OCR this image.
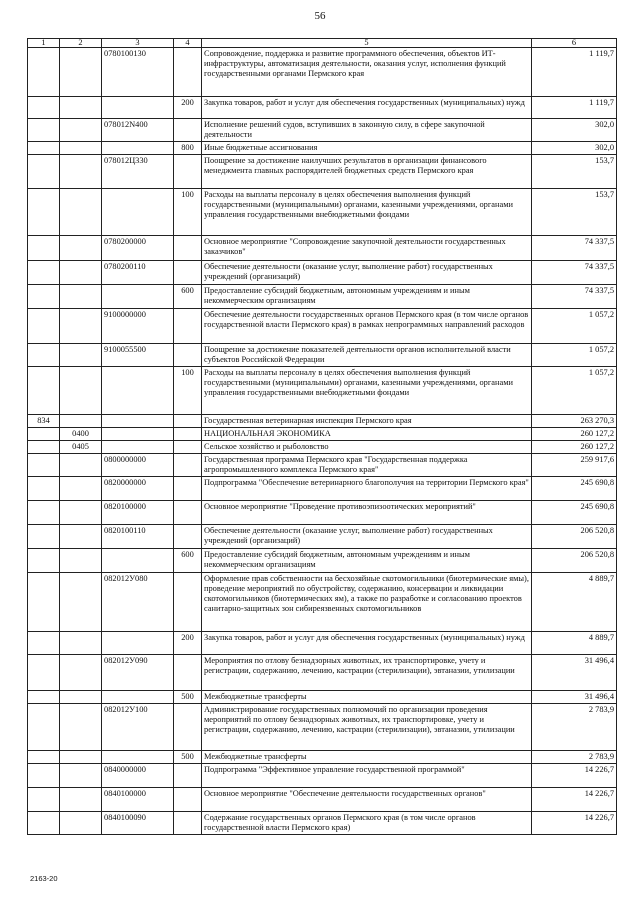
56
1	2	3	4	5	6
		0780100130		Сопровождение, поддержка и развитие программного обеспечения, объектов ИТ-инфраструктуры, автоматизация деятельности, оказания услуг, исполнения функций государственными органами Пермского края	1 119,7
			200	Закупка товаров, работ и услуг для обеспечения государственных (муниципальных) нужд	1 119,7
		078012N400		Исполнение решений судов, вступивших в законную силу, в сфере закупочной деятельности	302,0
			800	Иные бюджетные ассигнования	302,0
		078012Ц330		Поощрение за достижение наилучших результатов в организации финансового менеджмента главных распорядителей бюджетных средств Пермского края	153,7
			100	Расходы на выплаты персоналу в целях обеспечения выполнения функций государственными (муниципальными) органами, казенными учреждениями, органами управления государственными внебюджетными фондами	153,7
		0780200000		Основное мероприятие "Сопровождение закупочной деятельности государственных заказчиков"	74 337,5
		0780200110		Обеспечение деятельности (оказание услуг, выполнение работ) государственных учреждений (организаций)	74 337,5
			600	Предоставление субсидий бюджетным, автономным учреждениям и иным некоммерческим организациям	74 337,5
		9100000000		Обеспечение деятельности государственных органов Пермского края (в том числе органов государственной власти Пермского края) в рамках непрограммных направлений расходов	1 057,2
		9100055500		Поощрение за достижение показателей деятельности органов исполнительной власти субъектов Российской Федерации	1 057,2
			100	Расходы на выплаты персоналу в целях обеспечения выполнения функций государственными (муниципальными) органами, казенными учреждениями, органами управления государственными внебюджетными фондами	1 057,2
834				Государственная ветеринарная инспекция Пермского края	263 270,3
	0400			НАЦИОНАЛЬНАЯ ЭКОНОМИКА	260 127,2
	0405			Сельское хозяйство и рыболовство	260 127,2
		0800000000		Государственная программа Пермского края "Государственная поддержка агропромышленного комплекса Пермского края"	259 917,6
		0820000000		Подпрограмма "Обеспечение ветеринарного благополучия на территории Пермского края"	245 690,8
		0820100000		Основное мероприятие "Проведение противоэпизоотических мероприятий"	245 690,8
		0820100110		Обеспечение деятельности (оказание услуг, выполнение работ) государственных учреждений (организаций)	206 520,8
			600	Предоставление субсидий бюджетным, автономным учреждениям и иным некоммерческим организациям	206 520,8
		082012У080		Оформление прав собственности на бесхозяйные скотомогильники (биотермические ямы), проведение мероприятий по обустройству, содержанию, консервации и ликвидации скотомогильников (биотермических ям), а также по разработке и согласованию проектов санитарно-защитных зон сибиреязвенных скотомогильников	4 889,7
			200	Закупка товаров, работ и услуг для обеспечения государственных (муниципальных) нужд	4 889,7
		082012У090		Мероприятия по отлову безнадзорных животных, их транспортировке, учету и регистрации, содержанию, лечению, кастрации (стерилизации), эвтаназии, утилизации	31 496,4
			500	Межбюджетные трансферты	31 496,4
		082012У100		Администрирование государственных полномочий по организации проведения мероприятий по отлову безнадзорных животных, их транспортировке, учету и регистрации, содержанию, лечению, кастрации (стерилизации), эвтаназии, утилизации	2 783,9
			500	Межбюджетные трансферты	2 783,9
		0840000000		Подпрограмма "Эффективное управление государственной программой"	14 226,7
		0840100000		Основное мероприятие "Обеспечение деятельности государственных органов"	14 226,7
		0840100090		Содержание государственных органов Пермского края (в том числе органов государственной власти Пермского края)	14 226,7
2163-20
